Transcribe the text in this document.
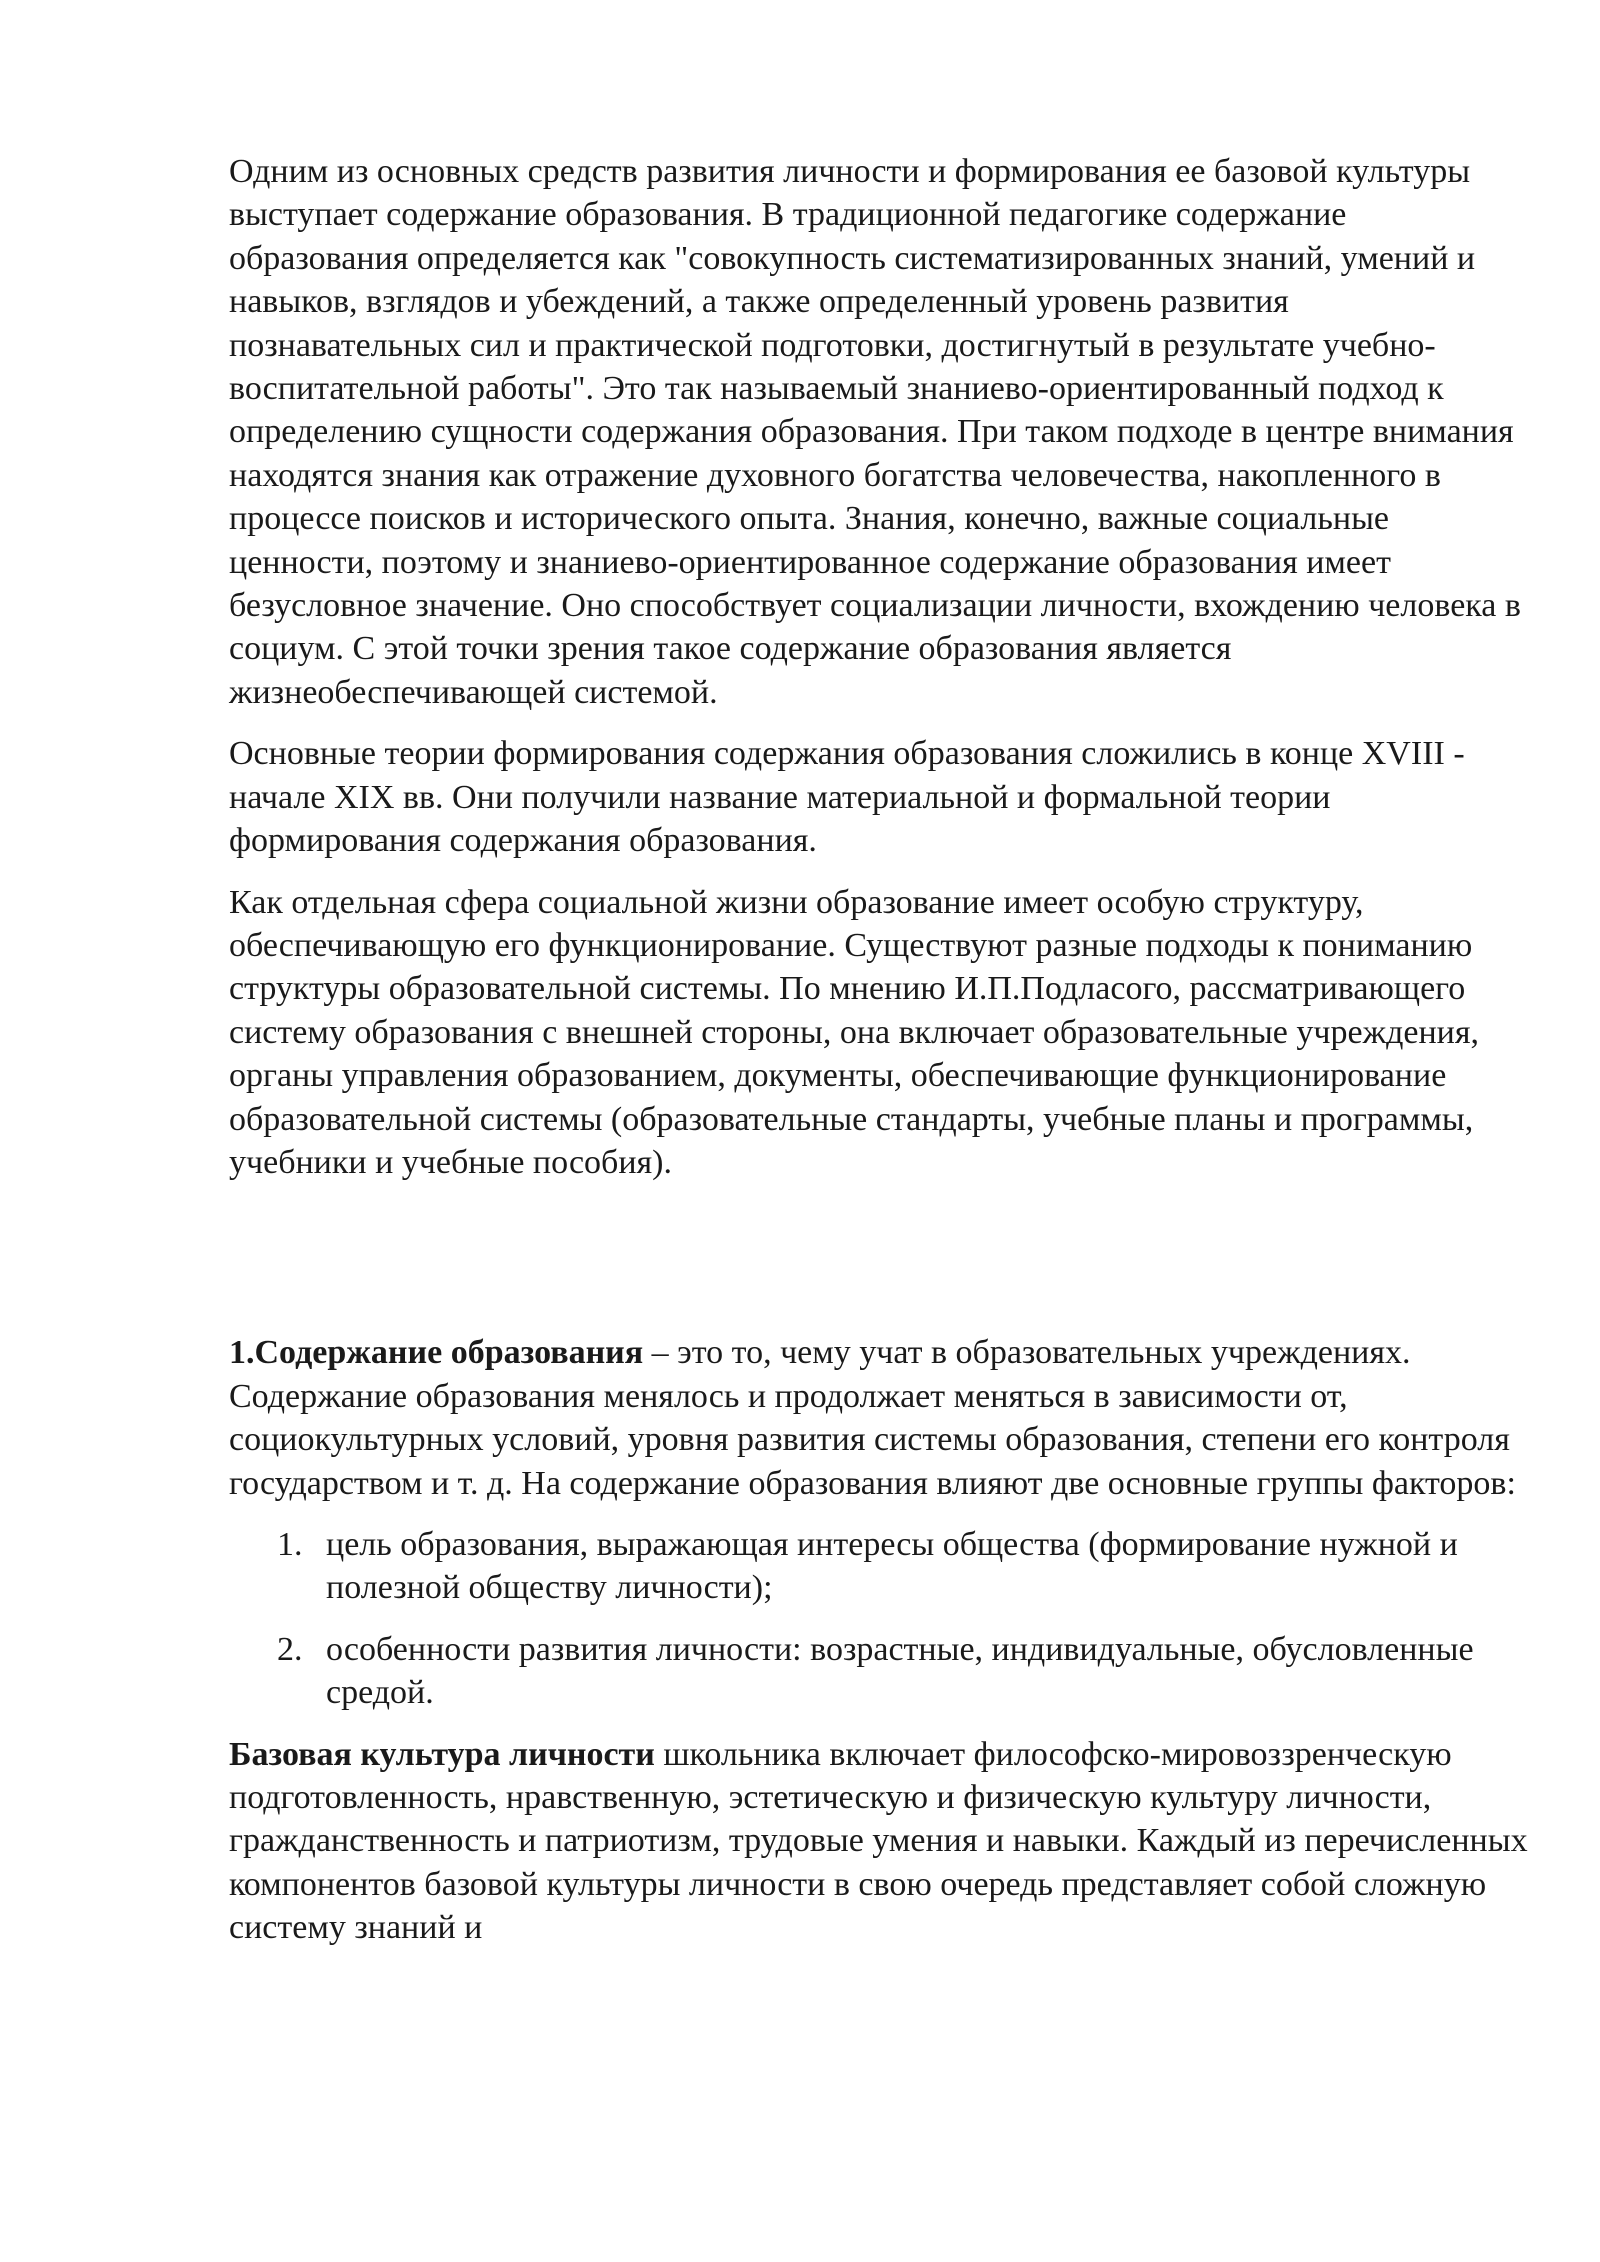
Одним из основных средств развития личности и формирования ее базовой культуры выступает содержание образования. В традиционной педагогике содержание образования определяется как "совокупность систематизированных знаний, умений и навыков, взглядов и убеждений, а также определенный уровень развития познавательных сил и практической подготовки, достигнутый в результате учебно-воспитательной работы". Это так называемый знаниево-ориентированный подход к определению сущности содержания образования. При таком подходе в центре внимания находятся знания как отражение духовного богатства человечества, накопленного в процессе поисков и исторического опыта. Знания, конечно, важные социальные ценности, поэтому и знаниево-ориентированное содержание образования имеет безусловное значение. Оно способствует социализации личности, вхождению человека в социум. С этой точки зрения такое содержание образования является жизнеобеспечивающей системой.

Основные теории формирования содержания образования сложились в конце XVIII - начале XIX вв. Они получили название материальной и формальной теории формирования содержания образования.

Как отдельная сфера социальной жизни образование имеет особую структуру, обеспечивающую его функционирование. Существуют разные подходы к пониманию структуры образовательной системы. По мнению И.П.Подласого, рассматривающего систему образования с внешней стороны, она включает образовательные учреждения, органы управления образованием, документы, обеспечивающие функционирование образовательной системы (образовательные стандарты, учебные планы и программы, учебники и учебные пособия).

1.Содержание образования – это то, чему учат в образовательных учреждениях. Содержание образования менялось и продолжает меняться в зависимости от, социокультурных условий, уровня развития системы образования, степени его контроля государством и т. д. На содержание образования влияют две основные группы факторов:

1. цель образования, выражающая интересы общества (формирование нужной и полезной обществу личности);
2. особенности развития личности: возрастные, индивидуальные, обусловленные средой.

Базовая культура личности школьника включает философско-мировоззренческую подготовленность, нравственную, эстетическую и физическую культуру личности, гражданственность и патриотизм, трудовые умения и навыки. Каждый из перечисленных компонентов базовой культуры личности в свою очередь представляет собой сложную систему знаний и
